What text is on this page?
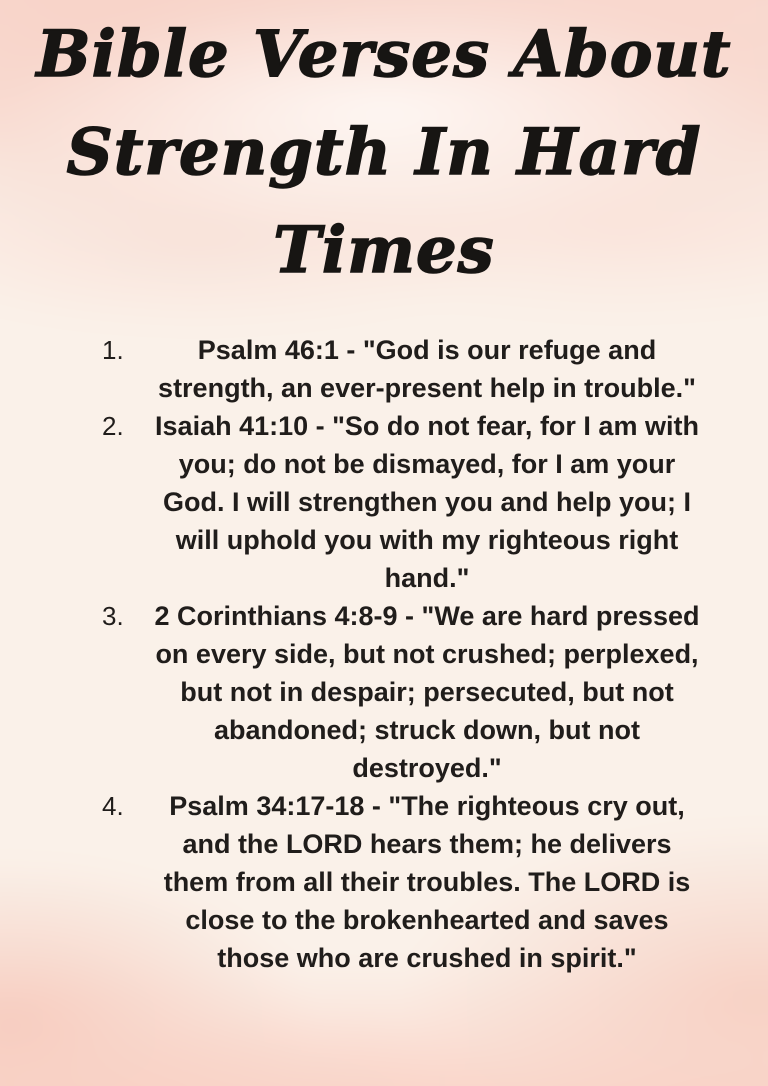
Bible Verses About
Strength In Hard
Times
1.	Psalm 46:1 - "God is our refuge and strength, an ever-present help in trouble."
2.	Isaiah 41:10 - "So do not fear, for I am with you; do not be dismayed, for I am your God. I will strengthen you and help you; I will uphold you with my righteous right hand."
3.	2 Corinthians 4:8-9 - "We are hard pressed on every side, but not crushed; perplexed, but not in despair; persecuted, but not abandoned; struck down, but not destroyed."
4.	Psalm 34:17-18 - "The righteous cry out, and the LORD hears them; he delivers them from all their troubles. The LORD is close to the brokenhearted and saves those who are crushed in spirit."
